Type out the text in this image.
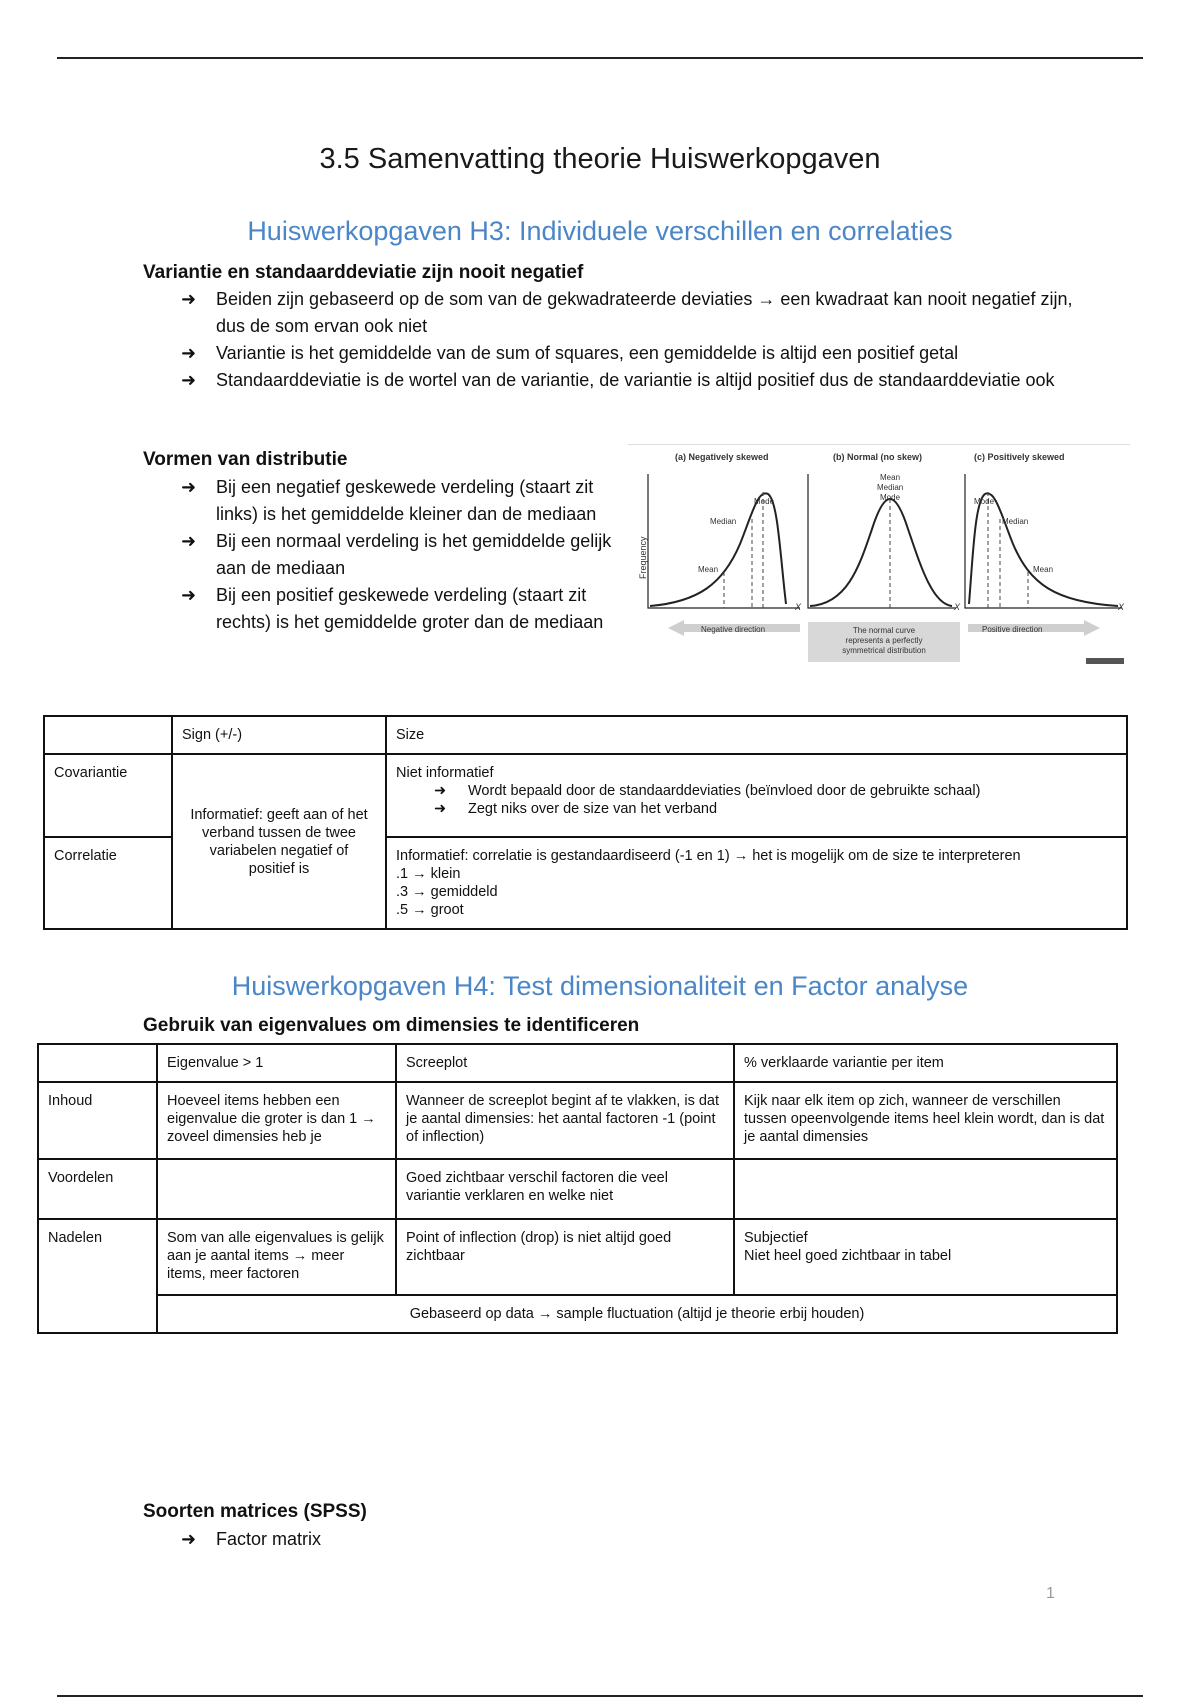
3.5 Samenvatting theorie Huiswerkopgaven
Huiswerkopgaven H3: Individuele verschillen en correlaties
Variantie en standaarddeviatie zijn nooit negatief
➜ Beiden zijn gebaseerd op de som van de gekwadrateerde deviaties → een kwadraat kan nooit negatief zijn, dus de som ervan ook niet
➜ Variantie is het gemiddelde van de sum of squares, een gemiddelde is altijd een positief getal
➜ Standaarddeviatie is de wortel van de variantie, de variantie is altijd positief dus de standaarddeviatie ook
Vormen van distributie
➜ Bij een negatief geskewede verdeling (staart zit links) is het gemiddelde kleiner dan de mediaan
➜ Bij een normaal verdeling is het gemiddelde gelijk aan de mediaan
➜ Bij een positief geskewede verdeling (staart zit rechts) is het gemiddelde groter dan de mediaan
(a) Negatively skewed	(b) Normal (no skew)	(c) Positively skewed
Frequency
Mode
Median
Mean
X
Mean
Median
Mode
X
Mode
Median
Mean
X
Negative direction	The normal curve
represents a perfectly
symmetrical distribution
Positive direction
	Sign (+/-)	Size
Covariantie	Informatief: geeft aan of het verband tussen de twee variabelen negatief of positief is	Niet informatief
➜ Wordt bepaald door de standaarddeviaties (beïnvloed door de gebruikte schaal)
➜ Zegt niks over de size van het verband

Correlatie		Informatief: correlatie is gestandaardiseerd (-1 en 1) → het is mogelijk om de size te interpreteren
.1 → klein
.3 → gemiddeld
.5 → groot
Huiswerkopgaven H4: Test dimensionaliteit en Factor analyse
Gebruik van eigenvalues om dimensies te identificeren
	Eigenvalue > 1	Screeplot	% verklaarde variantie per item
Inhoud	Hoeveel items hebben een eigenvalue die groter is dan 1 → zoveel dimensies heb je	Wanneer de screeplot begint af te vlakken, is dat je aantal dimensies: het aantal factoren -1 (point of inflection)	Kijk naar elk item op zich, wanneer de verschillen tussen opeenvolgende items heel klein wordt, dan is dat je aantal dimensies
Voordelen		Goed zichtbaar verschil factoren die veel variantie verklaren en welke niet	
Nadelen	Som van alle eigenvalues is gelijk aan je aantal items → meer items, meer factoren	Point of inflection (drop) is niet altijd goed zichtbaar	Subjectief
Niet heel goed zichtbaar in tabel
	Gebaseerd op data → sample fluctuation (altijd je theorie erbij houden)		
Soorten matrices (SPSS)
➜ Factor matrix
1
